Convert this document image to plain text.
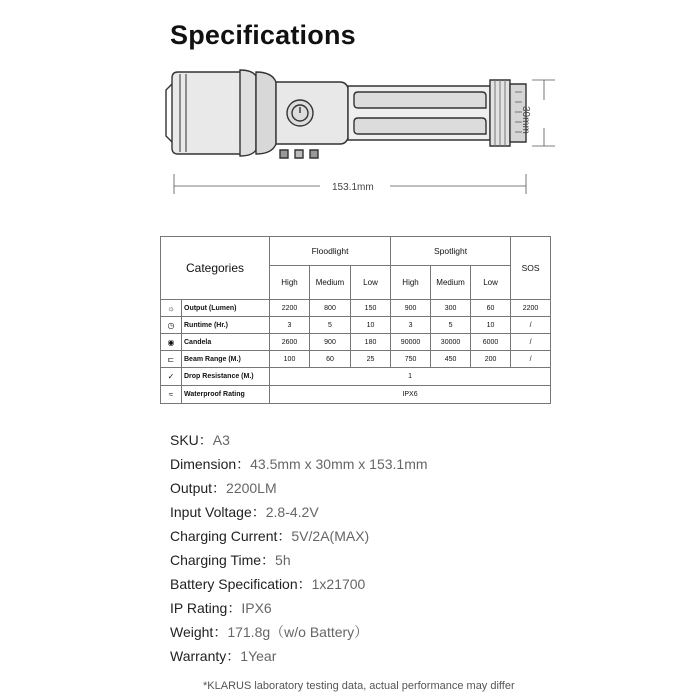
Specifications
30mm
153.1mm
Categories		Floodlight			Spotlight			SOS
		High	Medium	Low	High	Medium	Low	
☼	Output (Lumen)	2200	800	150	900	300	60	2200
◷	Runtime (Hr.)	3	5	10	3	5	10	/
◉	Candela	2600	900	180	90000	30000	6000	/
⊏	Beam Range (M.)	100	60	25	750	450	200	/
✓	Drop Resistance (M.)	1						
≈	Waterproof Rating	IPX6						
SKU：A3
Dimension：43.5mm x 30mm x 153.1mm
Output：2200LM
Input Voltage：2.8-4.2V
Charging Current：5V/2A(MAX)
Charging Time：5h
Battery Specification：1x21700
IP Rating：IPX6
Weight：171.8g（w/o Battery）
Warranty：1Year
*KLARUS laboratory testing data, actual performance may differ
